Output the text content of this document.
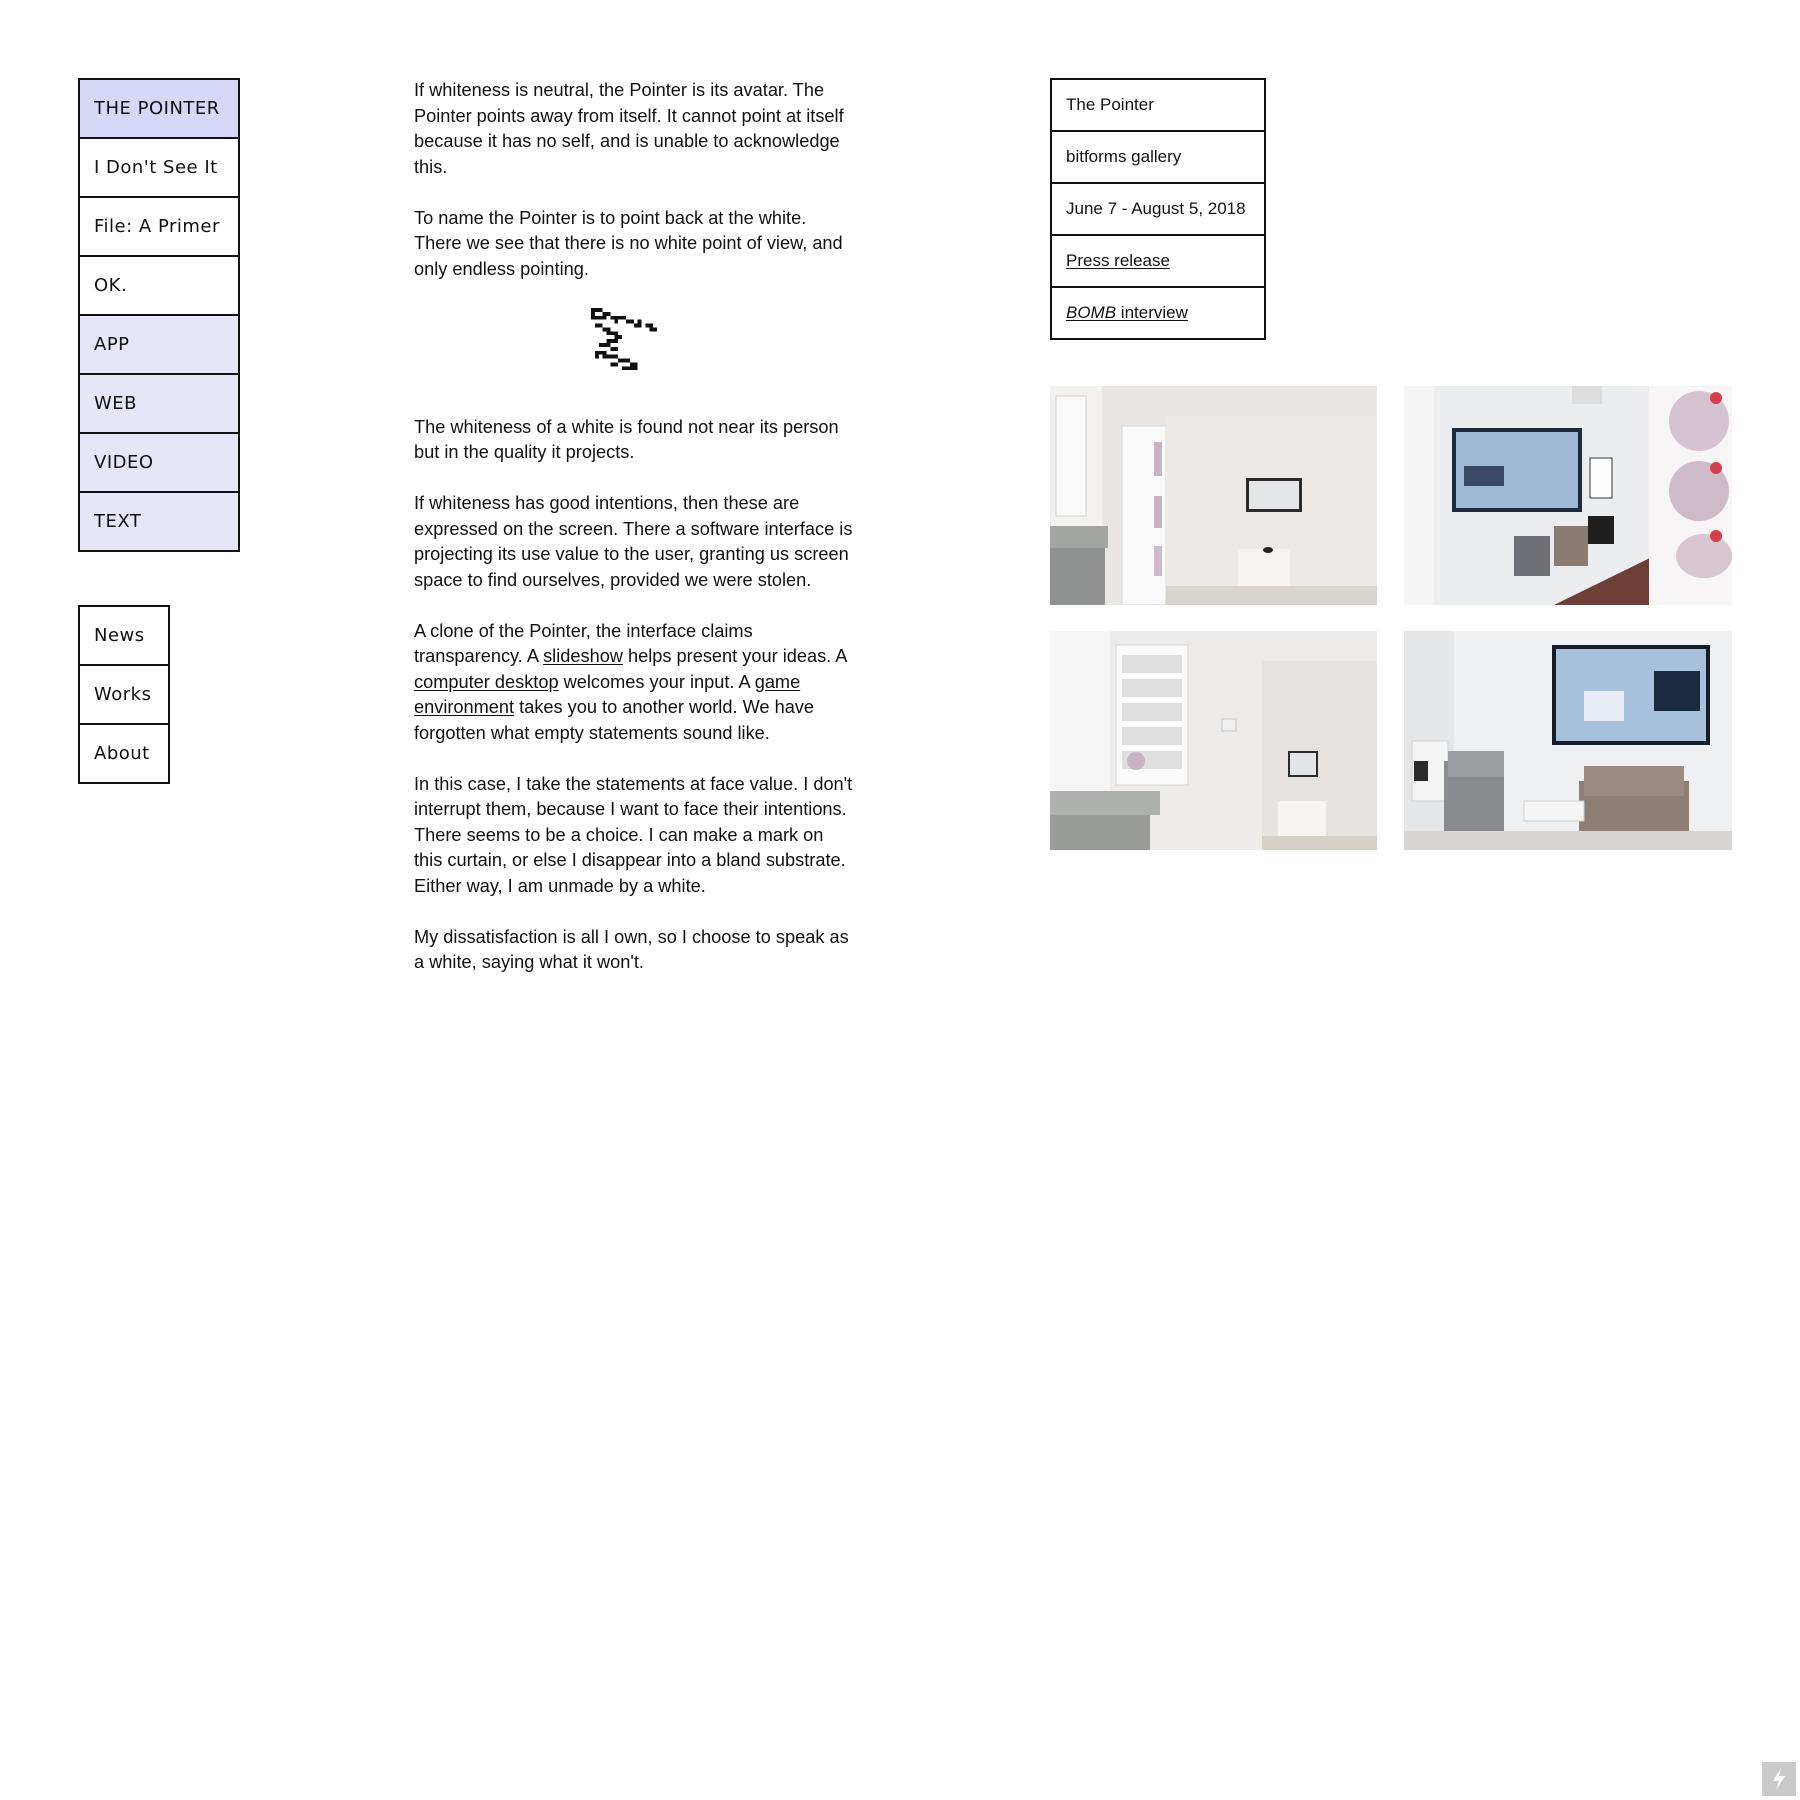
THE POINTER
I Don't See It
File: A Primer
OK.
APP
WEB
VIDEO
TEXT
News
Works
About

If whiteness is neutral, the Pointer is its avatar. The Pointer points away from itself. It cannot point at itself because it has no self, and is unable to acknowledge this.

To name the Pointer is to point back at the white. There we see that there is no white point of view, and only endless pointing.

The whiteness of a white is found not near its person but in the quality it projects.

If whiteness has good intentions, then these are expressed on the screen. There a software interface is projecting its use value to the user, granting us screen space to find ourselves, provided we were stolen.

A clone of the Pointer, the interface claims transparency. A slideshow helps present your ideas. A computer desktop welcomes your input. A game environment takes you to another world. We have forgotten what empty statements sound like.

In this case, I take the statements at face value. I don't interrupt them, because I want to face their intentions. There seems to be a choice. I can make a mark on this curtain, or else I disappear into a bland substrate. Either way, I am unmade by a white.

My dissatisfaction is all I own, so I choose to speak as a white, saying what it won't.

The Pointer
bitforms gallery
June 7 - August 5, 2018
Press release
BOMB interview
